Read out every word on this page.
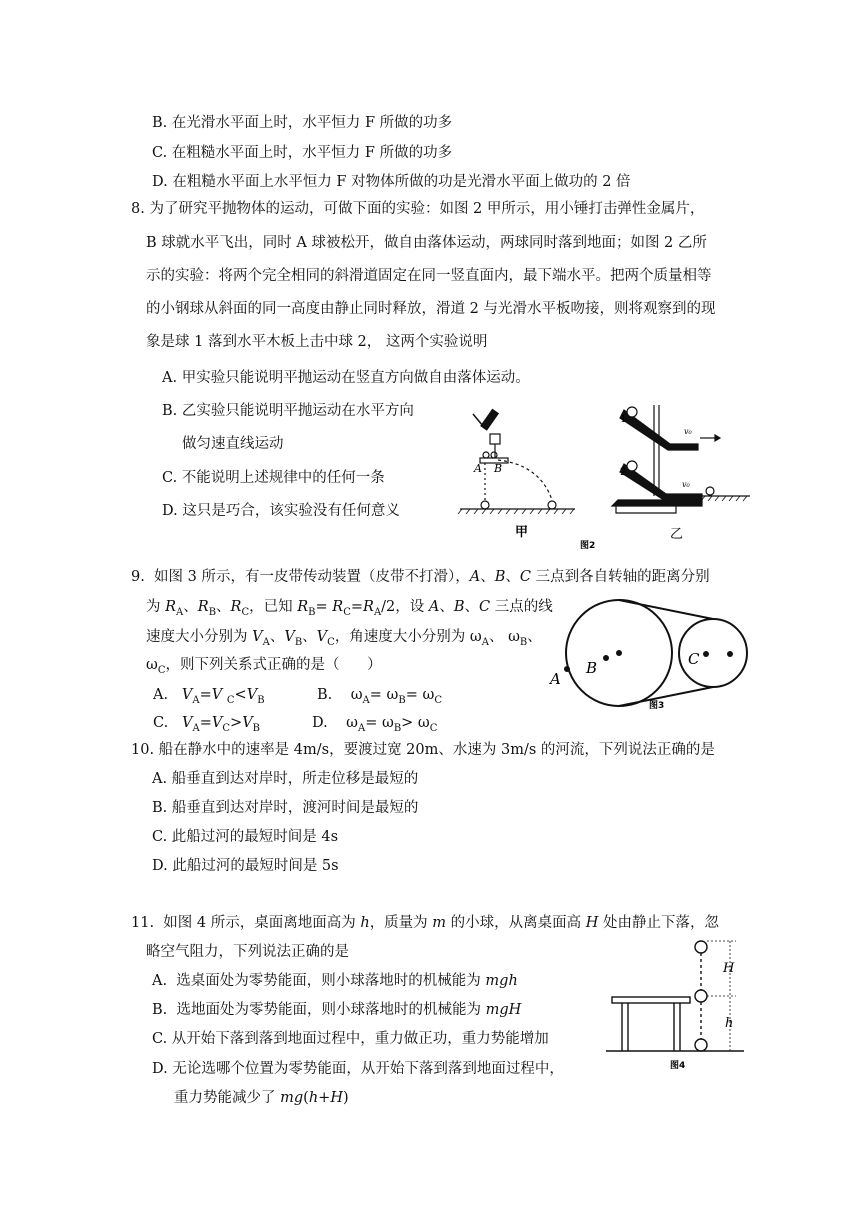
B. 在光滑水平面上时，水平恒力 F 所做的功多
C. 在粗糙水平面上时，水平恒力 F 所做的功多
D. 在粗糙水平面上水平恒力 F 对物体所做的功是光滑水平面上做功的 2 倍
8. 为了研究平抛物体的运动，可做下面的实验：如图 2 甲所示，用小锤打击弹性金属片，
B 球就水平飞出，同时 A 球被松开，做自由落体运动，两球同时落到地面；如图 2 乙所
示的实验：将两个完全相同的斜滑道固定在同一竖直面内，最下端水平。把两个质量相等
的小钢球从斜面的同一高度由静止同时释放，滑道 2 与光滑水平板吻接，则将观察到的现
象是球 1 落到水平木板上击中球 2， 这两个实验说明
A. 甲实验只能说明平抛运动在竖直方向做自由落体运动。
B. 乙实验只能说明平抛运动在水平方向
做匀速直线运动
C. 不能说明上述规律中的任何一条
D. 这只是巧合，该实验没有任何意义
A B
甲
1
2
v₀
v₀
乙
图2
9.  如图 3 所示，有一皮带传动装置（皮带不打滑），A、B、C 三点到各自转轴的距离分别
为 $R_A$、$R_B$、$R_C$，已知 $R_B= R_C=R_A/2$，设 A、B、C 三点的线
速度大小分别为 $V_A$、$V_B$、$V_C$，角速度大小分别为 $\omega_A$、 $\omega_B$、
$\omega_C$，则下列关系式正确的是（      ）
A.   $V_A=V$ $_C<V_B$	B.    $\omega_A= \omega_B= \omega_C$
C.   $V_A=V_C>V_B$	D.    $\omega_A= \omega_B> \omega_C$
B
A
C
图3
10. 船在静水中的速率是 4m/s，要渡过宽 20m、水速为 3m/s 的河流，下列说法正确的是
A. 船垂直到达对岸时，所走位移是最短的
B. 船垂直到达对岸时，渡河时间是最短的
C. 此船过河的最短时间是 4s
D. 此船过河的最短时间是 5s
11.  如图 4 所示，桌面离地面高为 h，质量为 m 的小球，从离桌面高 H 处由静止下落，忽
略空气阻力，下列说法正确的是
A.  选桌面处为零势能面，则小球落地时的机械能为 mgh
B.  选地面处为零势能面，则小球落地时的机械能为 mgH
C. 从开始下落到落到地面过程中，重力做正功，重力势能增加
D. 无论选哪个位置为零势能面，从开始下落到落到地面过程中，
重力势能减少了 mg(h+H)
H
h
图4
